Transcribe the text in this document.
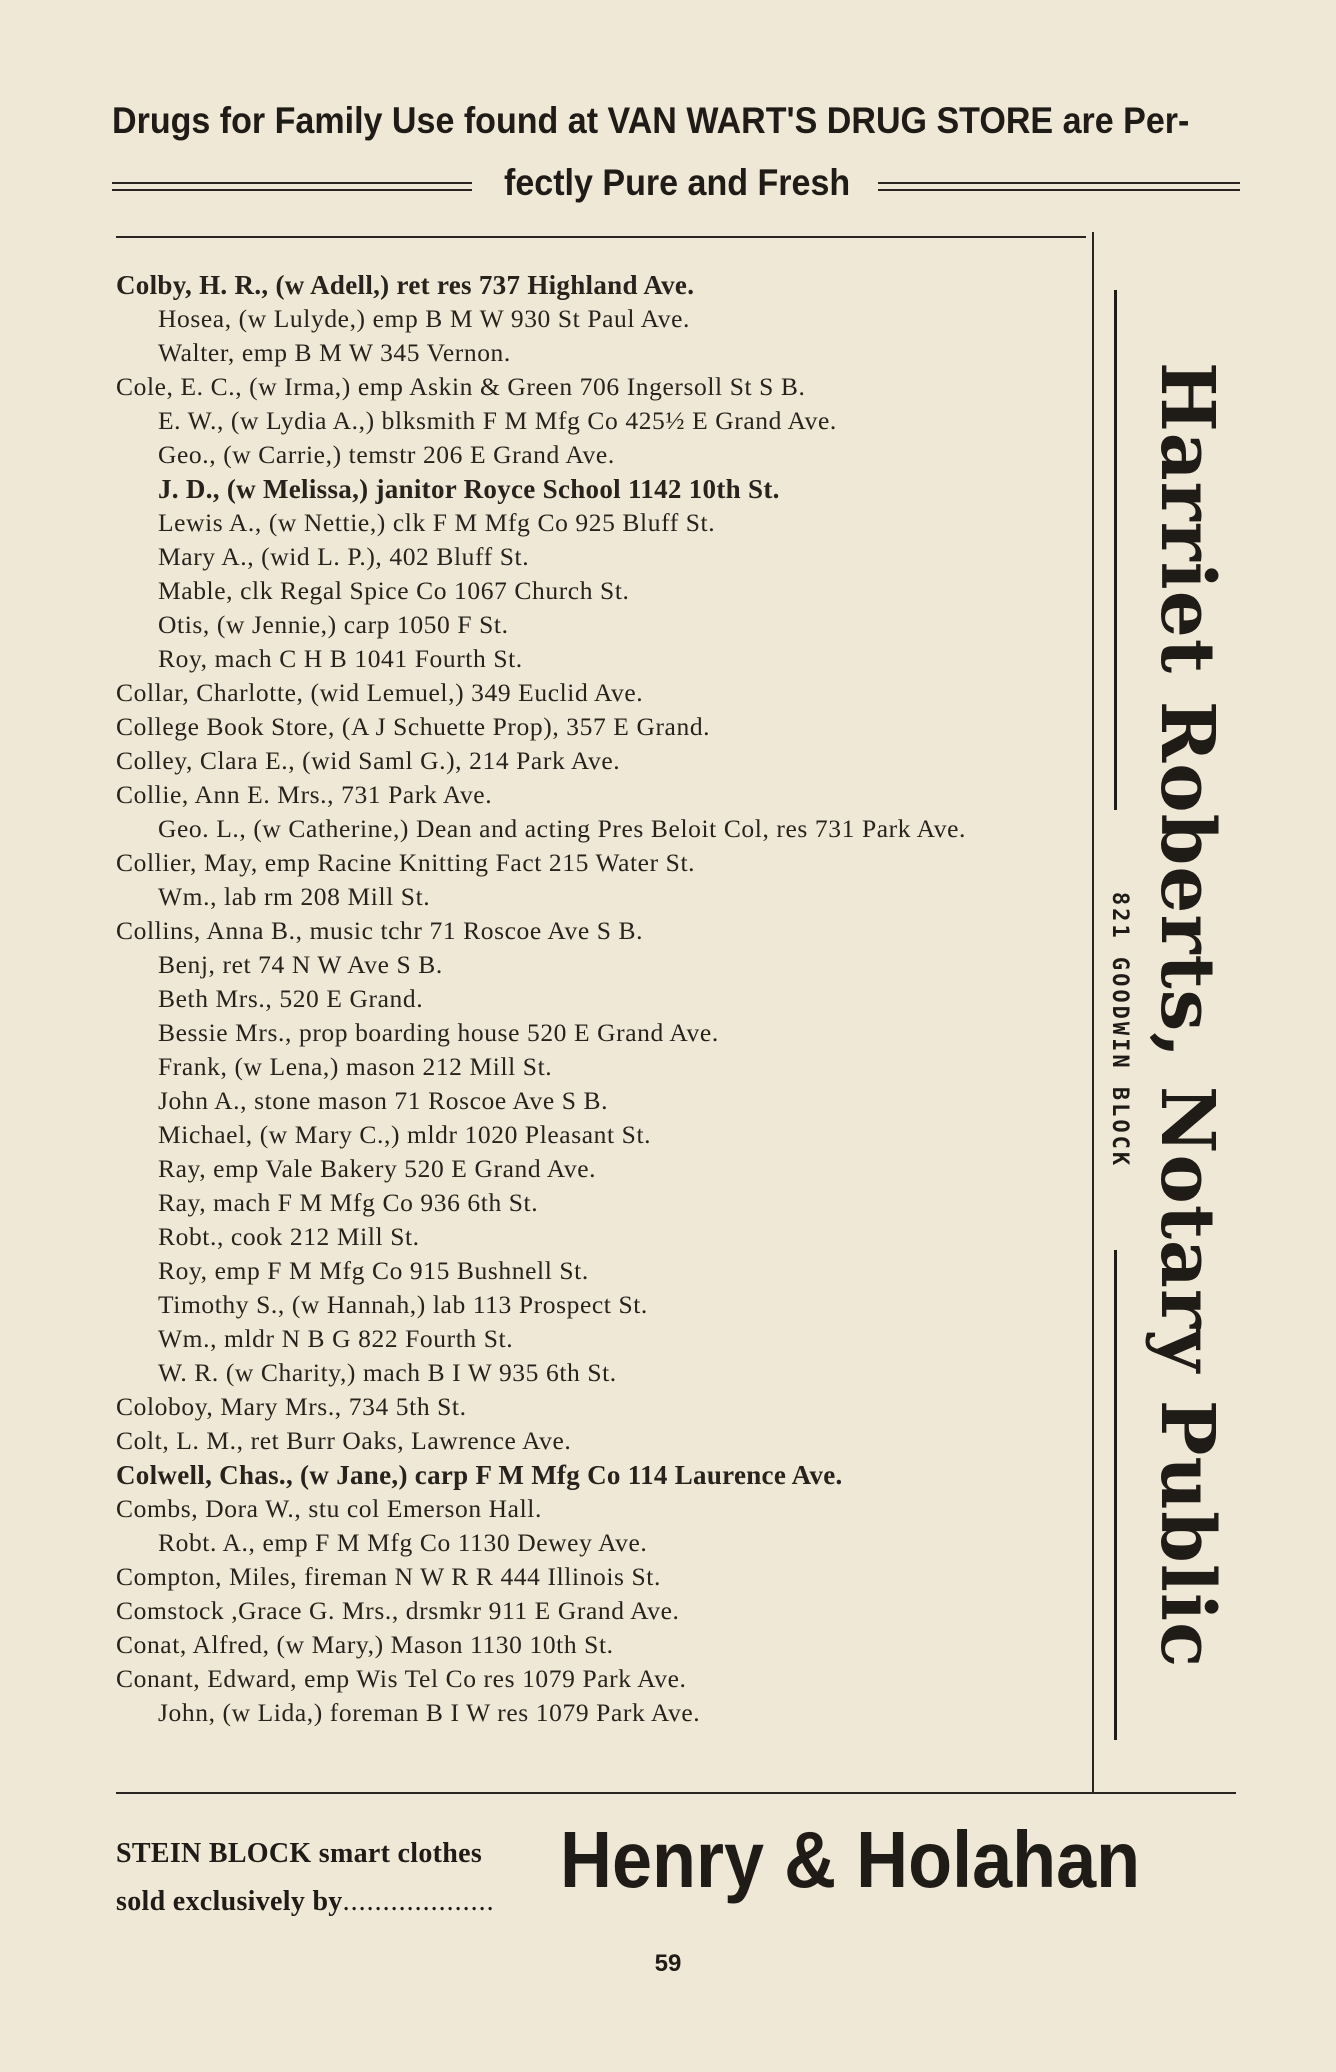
Drugs for Family Use found at VAN WART'S DRUG STORE are Per-
fectly Pure and Fresh
Colby, H. R., (w Adell,) ret res 737 Highland Ave.
Hosea, (w Lulyde,) emp B M W 930 St Paul Ave.
Walter, emp B M W 345 Vernon.
Cole, E. C., (w Irma,) emp Askin & Green 706 Ingersoll St S B.
E. W., (w Lydia A.,) blksmith F M Mfg Co 425½ E Grand Ave.
Geo., (w Carrie,) temstr 206 E Grand Ave.
J. D., (w Melissa,) janitor Royce School 1142 10th St.
Lewis A., (w Nettie,) clk F M Mfg Co 925 Bluff St.
Mary A., (wid L. P.), 402 Bluff St.
Mable, clk Regal Spice Co 1067 Church St.
Otis, (w Jennie,) carp 1050 F St.
Roy, mach C H B 1041 Fourth St.
Collar, Charlotte, (wid Lemuel,) 349 Euclid Ave.
College Book Store, (A J Schuette Prop), 357 E Grand.
Colley, Clara E., (wid Saml G.), 214 Park Ave.
Collie, Ann E. Mrs., 731 Park Ave.
Geo. L., (w Catherine,) Dean and acting Pres Beloit Col, res 731 Park Ave.
Collier, May, emp Racine Knitting Fact 215 Water St.
Wm., lab rm 208 Mill St.
Collins, Anna B., music tchr 71 Roscoe Ave S B.
Benj, ret 74 N W Ave S B.
Beth Mrs., 520 E Grand.
Bessie Mrs., prop boarding house 520 E Grand Ave.
Frank, (w Lena,) mason 212 Mill St.
John A., stone mason 71 Roscoe Ave S B.
Michael, (w Mary C.,) mldr 1020 Pleasant St.
Ray, emp Vale Bakery 520 E Grand Ave.
Ray, mach F M Mfg Co 936 6th St.
Robt., cook 212 Mill St.
Roy, emp F M Mfg Co 915 Bushnell St.
Timothy S., (w Hannah,) lab 113 Prospect St.
Wm., mldr N B G 822 Fourth St.
W. R. (w Charity,) mach B I W 935 6th St.
Coloboy, Mary Mrs., 734 5th St.
Colt, L. M., ret Burr Oaks, Lawrence Ave.
Colwell, Chas., (w Jane,) carp F M Mfg Co 114 Laurence Ave.
Combs, Dora W., stu col Emerson Hall.
Robt. A., emp F M Mfg Co 1130 Dewey Ave.
Compton, Miles, fireman N W R R 444 Illinois St.
Comstock ,Grace G. Mrs., drsmkr 911 E Grand Ave.
Conat, Alfred, (w Mary,) Mason 1130 10th St.
Conant, Edward, emp Wis Tel Co res 1079 Park Ave.
John, (w Lida,) foreman B I W res 1079 Park Ave.
Harriet Roberts, Notary Public
821 GOODWIN BLOCK
STEIN BLOCK smart clothes
sold exclusively by................... Henry & Holahan
59
